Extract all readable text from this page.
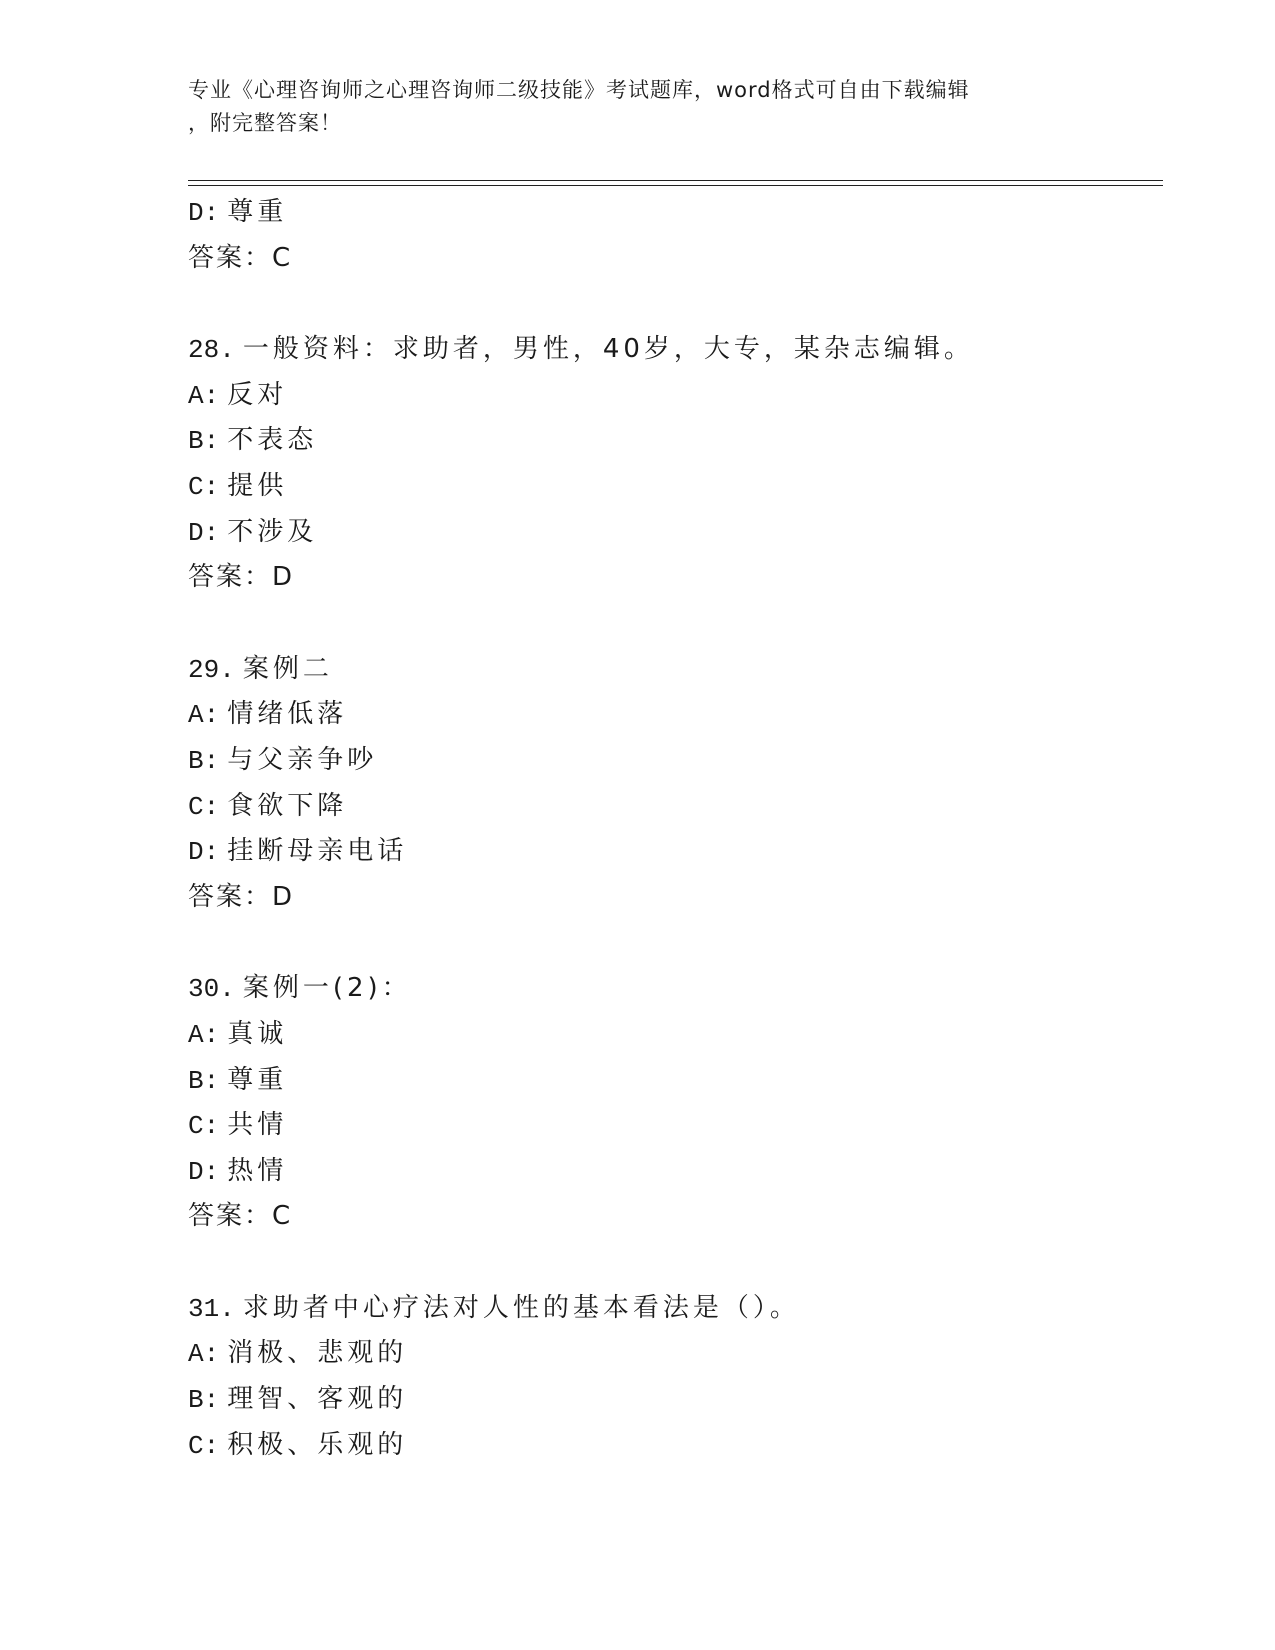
专业《心理咨询师之心理咨询师二级技能》考试题库，word格式可自由下载编辑
，附完整答案！
D: 尊重
答案：C
28. 一般资料：求助者，男性，40岁，大专，某杂志编辑。
A: 反对
B: 不表态
C: 提供
D: 不涉及
答案：D
29. 案例二
A: 情绪低落
B: 与父亲争吵
C: 食欲下降
D: 挂断母亲电话
答案：D
30. 案例一(2)：
A: 真诚
B: 尊重
C: 共情
D: 热情
答案：C
31. 求助者中心疗法对人性的基本看法是（）。
A: 消极、悲观的
B: 理智、客观的
C: 积极、乐观的
